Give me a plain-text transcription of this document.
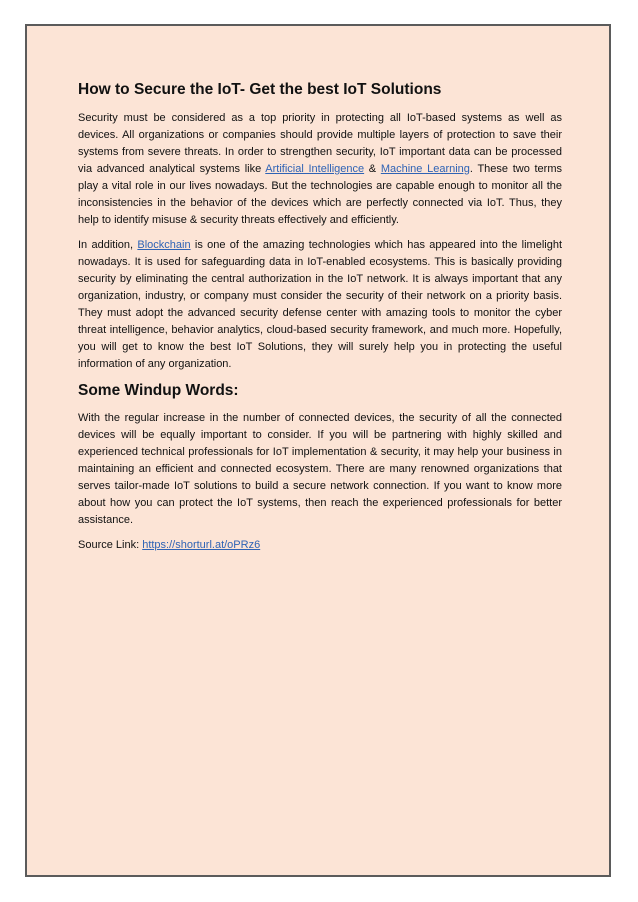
How to Secure the IoT- Get the best IoT Solutions

Security must be considered as a top priority in protecting all IoT-based systems as well as devices. All organizations or companies should provide multiple layers of protection to save their systems from severe threats. In order to strengthen security, IoT important data can be processed via advanced analytical systems like Artificial Intelligence & Machine Learning. These two terms play a vital role in our lives nowadays. But the technologies are capable enough to monitor all the inconsistencies in the behavior of the devices which are perfectly connected via IoT. Thus, they help to identify misuse & security threats effectively and efficiently.

In addition, Blockchain is one of the amazing technologies which has appeared into the limelight nowadays. It is used for safeguarding data in IoT-enabled ecosystems. This is basically providing security by eliminating the central authorization in the IoT network. It is always important that any organization, industry, or company must consider the security of their network on a priority basis. They must adopt the advanced security defense center with amazing tools to monitor the cyber threat intelligence, behavior analytics, cloud-based security framework, and much more. Hopefully, you will get to know the best IoT Solutions, they will surely help you in protecting the useful information of any organization.

Some Windup Words:

With the regular increase in the number of connected devices, the security of all the connected devices will be equally important to consider. If you will be partnering with highly skilled and experienced technical professionals for IoT implementation & security, it may help your business in maintaining an efficient and connected ecosystem. There are many renowned organizations that serves tailor-made IoT solutions to build a secure network connection. If you want to know more about how you can protect the IoT systems, then reach the experienced professionals for better assistance.

Source Link: https://shorturl.at/oPRz6
